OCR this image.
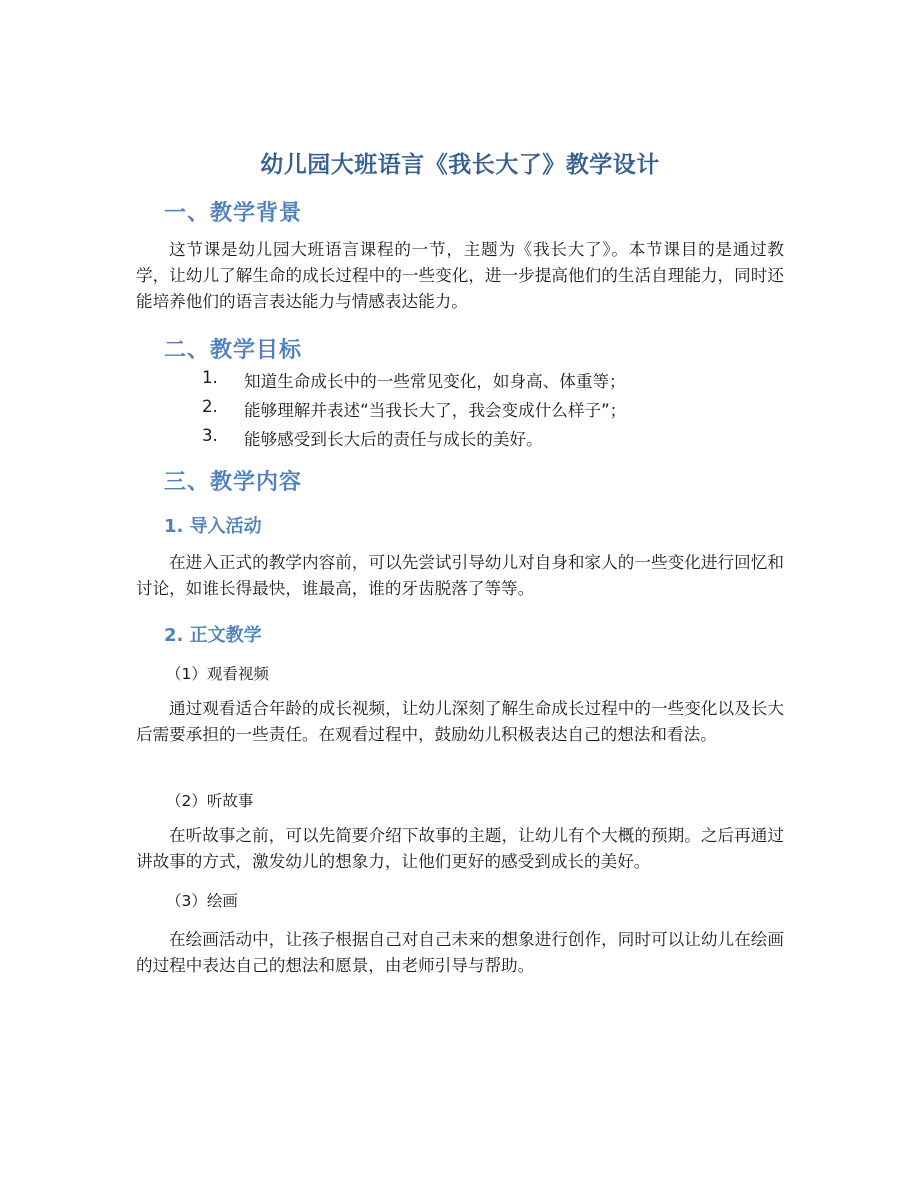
幼儿园大班语言《我长大了》教学设计
一、教学背景

这节课是幼儿园大班语言课程的一节，主题为《我长大了》。本节课目的是通过教学，让幼儿了解生命的成长过程中的一些变化，进一步提高他们的生活自理能力，同时还能培养他们的语言表达能力与情感表达能力。

二、教学目标
1.	知道生命成长中的一些常见变化，如身高、体重等；
2.	能够理解并表述“当我长大了，我会变成什么样子”；
3.	能够感受到长大后的责任与成长的美好。
三、教学内容
1. 导入活动

在进入正式的教学内容前，可以先尝试引导幼儿对自身和家人的一些变化进行回忆和讨论，如谁长得最快，谁最高，谁的牙齿脱落了等等。

2. 正文教学
（1）观看视频

通过观看适合年龄的成长视频，让幼儿深刻了解生命成长过程中的一些变化以及长大后需要承担的一些责任。在观看过程中，鼓励幼儿积极表达自己的想法和看法。

（2）听故事

在听故事之前，可以先简要介绍下故事的主题，让幼儿有个大概的预期。之后再通过讲故事的方式，激发幼儿的想象力，让他们更好的感受到成长的美好。

（3）绘画

在绘画活动中，让孩子根据自己对自己未来的想象进行创作，同时可以让幼儿在绘画的过程中表达自己的想法和愿景，由老师引导与帮助。
